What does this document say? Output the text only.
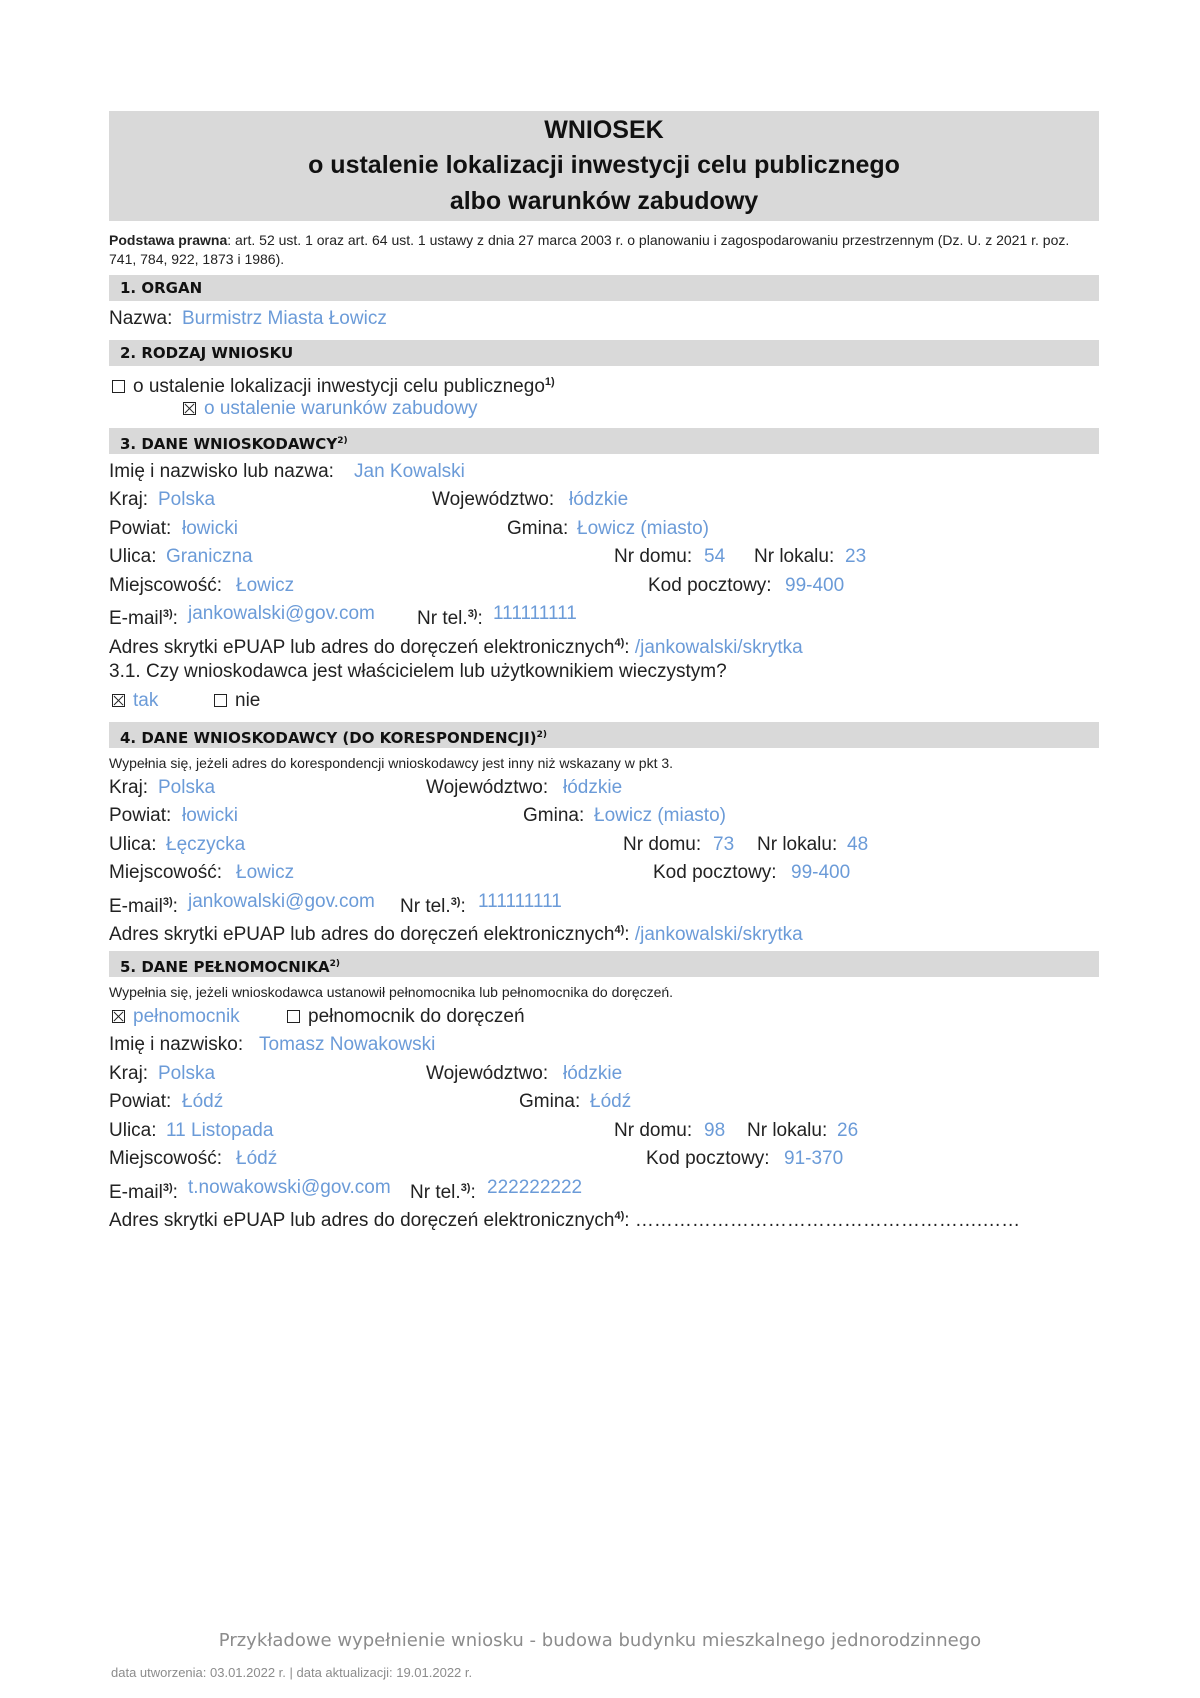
WNIOSEK
o ustalenie lokalizacji inwestycji celu publicznego
albo warunków zabudowy
Podstawa prawna: art. 52 ust. 1 oraz art. 64 ust. 1 ustawy z dnia 27 marca 2003 r. o planowaniu i zagospodarowaniu przestrzennym (Dz. U. z 2021 r. poz. 741, 784, 922, 1873 i 1986).
1. ORGAN
Nazwa: Burmistrz Miasta Łowicz
2. RODZAJ WNIOSKU
o ustalenie lokalizacji inwestycji celu publicznego$^{1)}$
o ustalenie warunków zabudowy
3. DANE WNIOSKODAWCY$^{2)}$
Imię i nazwisko lub nazwa: Jan Kowalski
Kraj: Polska	Województwo: łódzkie
Powiat: łowicki	Gmina: Łowicz (miasto)
Ulica: Graniczna	Nr domu: 54 Nr lokalu: 23
Miejscowość: Łowicz	Kod pocztowy: 99-400
E-mail$^{3)}$: jankowalski@gov.com Nr tel.$^{3)}$: 111111111
Adres skrytki ePUAP lub adres do doręczeń elektronicznych$^{4)}$: /jankowalski/skrytka
3.1. Czy wnioskodawca jest właścicielem lub użytkownikiem wieczystym?
tak	nie
4. DANE WNIOSKODAWCY (DO KORESPONDENCJI)$^{2)}$
Wypełnia się, jeżeli adres do korespondencji wnioskodawcy jest inny niż wskazany w pkt 3.
Kraj: Polska	Województwo: łódzkie
Powiat: łowicki	Gmina: Łowicz (miasto)
Ulica: Łęczycka	Nr domu: 73 Nr lokalu: 48
Miejscowość: Łowicz	Kod pocztowy: 99-400
E-mail$^{3)}$: jankowalski@gov.com Nr tel.$^{3)}$: 111111111
Adres skrytki ePUAP lub adres do doręczeń elektronicznych$^{4)}$: /jankowalski/skrytka
5. DANE PEŁNOMOCNIKA$^{2)}$
Wypełnia się, jeżeli wnioskodawca ustanowił pełnomocnika lub pełnomocnika do doręczeń.
pełnomocnik	pełnomocnik do doręczeń
Imię i nazwisko: Tomasz Nowakowski
Kraj: Polska	Województwo: łódzkie
Powiat: Łódź	Gmina: Łódź
Ulica: 11 Listopada	Nr domu: 98 Nr lokalu: 26
Miejscowość: Łódź	Kod pocztowy: 91-370
E-mail$^{3)}$: t.nowakowski@gov.com Nr tel.$^{3)}$: 222222222
Adres skrytki ePUAP lub adres do doręczeń elektronicznych$^{4)}$: ……………………………………………….……
Przykładowe wypełnienie wniosku - budowa budynku mieszkalnego jednorodzinnego
data utworzenia: 03.01.2022 r. | data aktualizacji: 19.01.2022 r.
